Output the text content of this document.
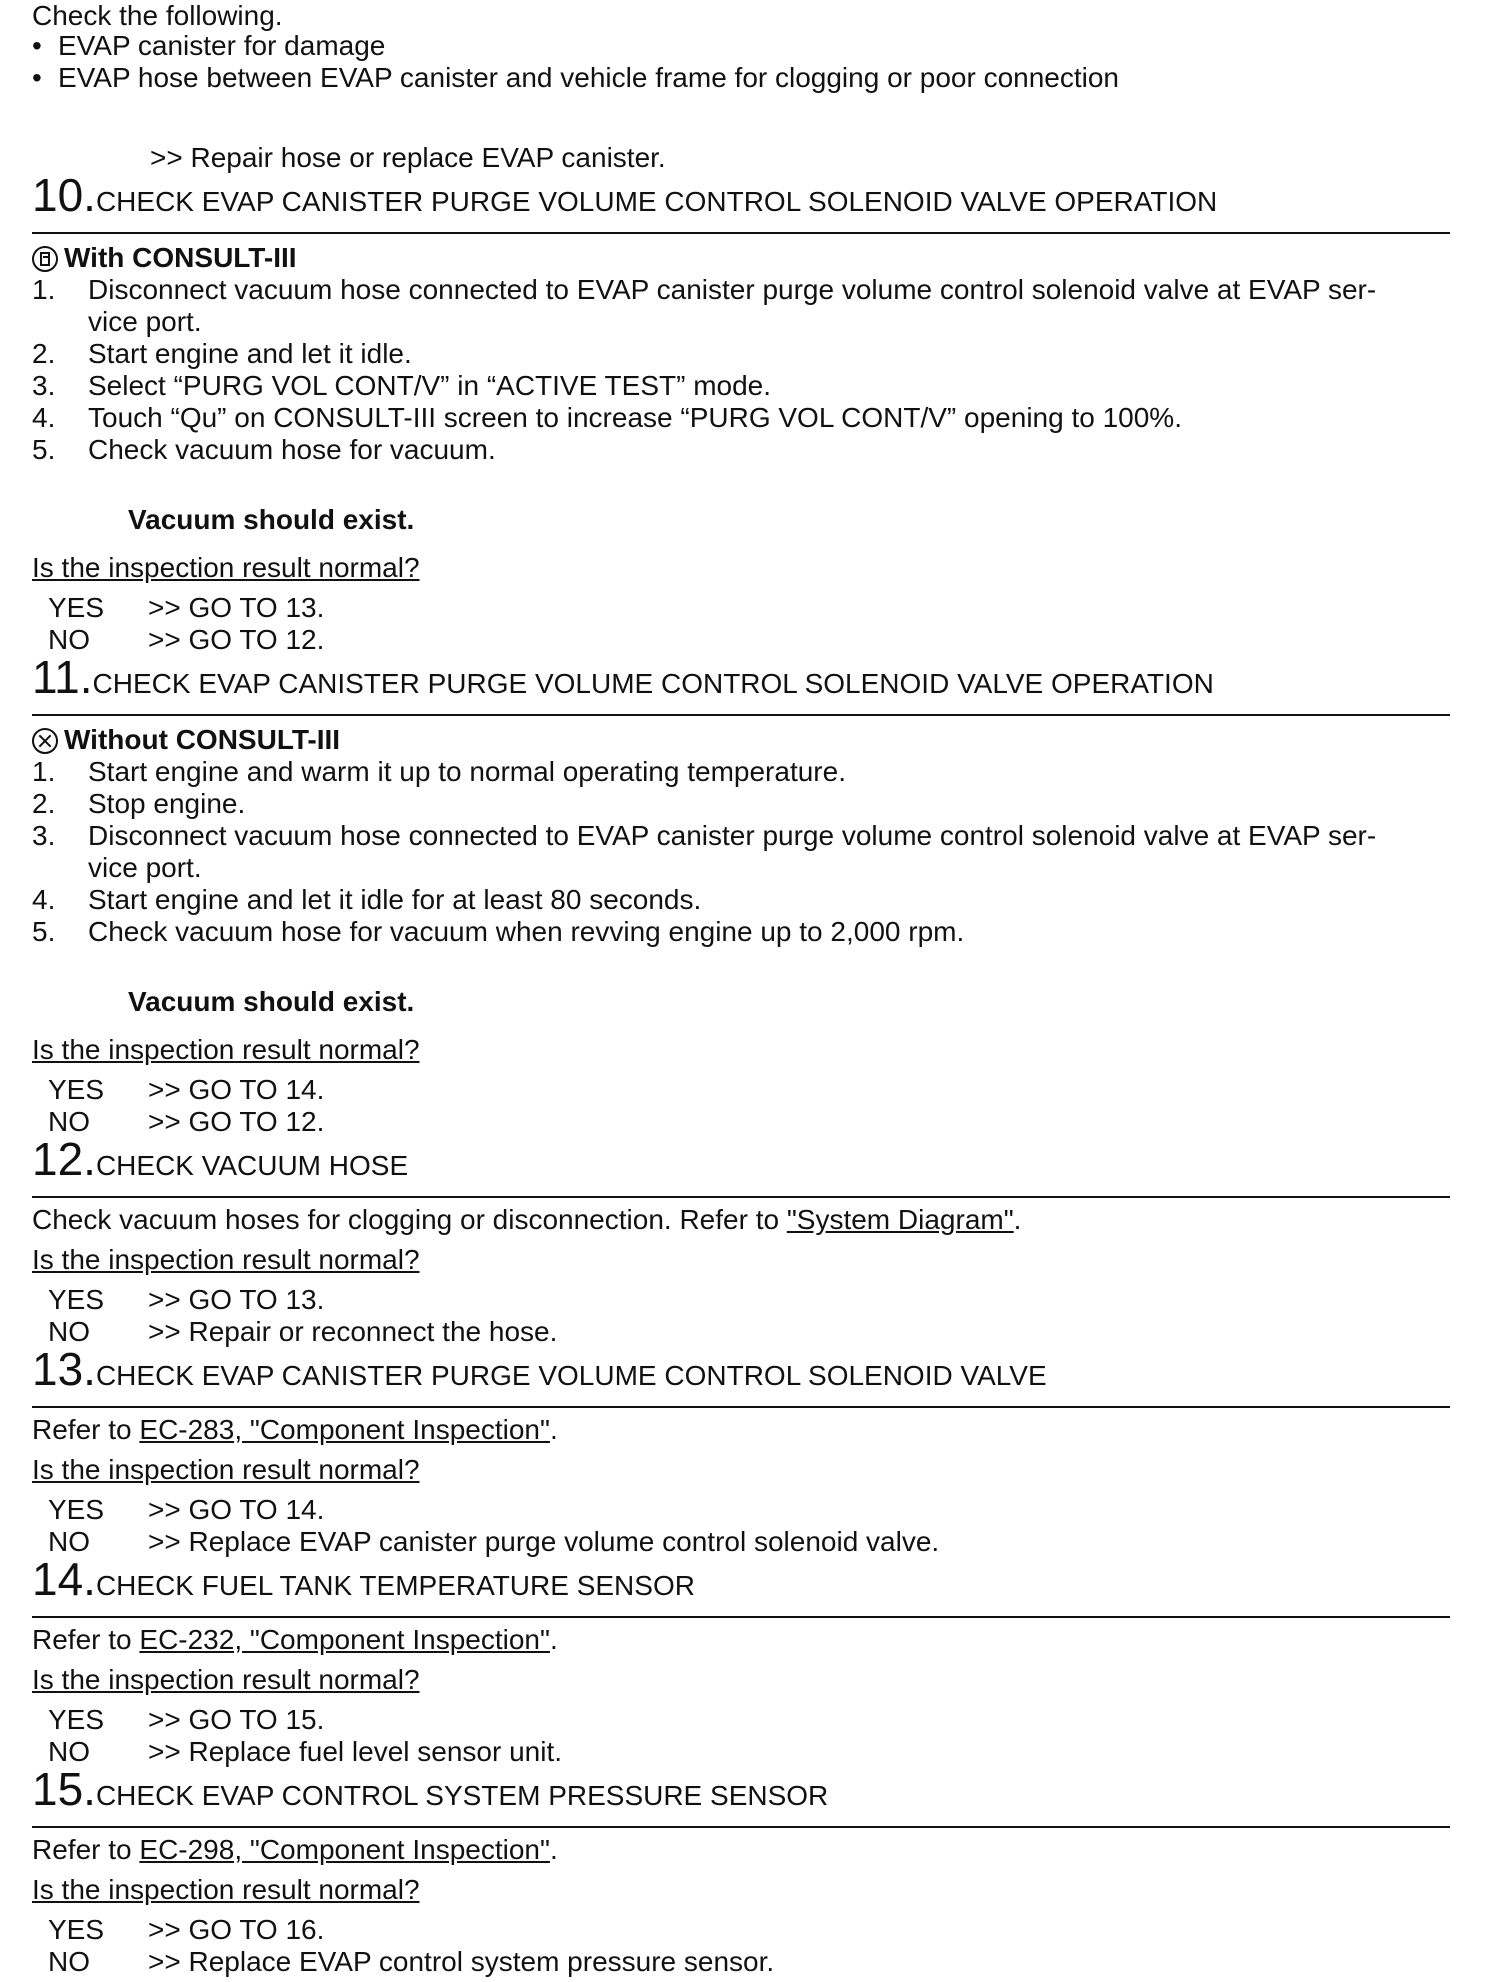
Check the following.
• EVAP canister for damage
• EVAP hose between EVAP canister and vehicle frame for clogging or poor connection
>> Repair hose or replace EVAP canister.
10.CHECK EVAP CANISTER PURGE VOLUME CONTROL SOLENOID VALVE OPERATION
With CONSULT-III
1.	Disconnect vacuum hose connected to EVAP canister purge volume control solenoid valve at EVAP ser-
vice port.
2.	Start engine and let it idle.
3.	Select “PURG VOL CONT/V” in “ACTIVE TEST” mode.
4.	Touch “Qu” on CONSULT-III screen to increase “PURG VOL CONT/V” opening to 100%.
5.	Check vacuum hose for vacuum.
Vacuum should exist.
Is the inspection result normal?
YES >> GO TO 13.
NO >> GO TO 12.
11.CHECK EVAP CANISTER PURGE VOLUME CONTROL SOLENOID VALVE OPERATION
Without CONSULT-III
1.	Start engine and warm it up to normal operating temperature.
2.	Stop engine.
3.	Disconnect vacuum hose connected to EVAP canister purge volume control solenoid valve at EVAP ser-
vice port.
4.	Start engine and let it idle for at least 80 seconds.
5.	Check vacuum hose for vacuum when revving engine up to 2,000 rpm.
Vacuum should exist.
Is the inspection result normal?
YES >> GO TO 14.
NO >> GO TO 12.
12.CHECK VACUUM HOSE
Check vacuum hoses for clogging or disconnection. Refer to "System Diagram".
Is the inspection result normal?
YES >> GO TO 13.
NO >> Repair or reconnect the hose.
13.CHECK EVAP CANISTER PURGE VOLUME CONTROL SOLENOID VALVE
Refer to EC-283, "Component Inspection".
Is the inspection result normal?
YES >> GO TO 14.
NO >> Replace EVAP canister purge volume control solenoid valve.
14.CHECK FUEL TANK TEMPERATURE SENSOR
Refer to EC-232, "Component Inspection".
Is the inspection result normal?
YES >> GO TO 15.
NO >> Replace fuel level sensor unit.
15.CHECK EVAP CONTROL SYSTEM PRESSURE SENSOR
Refer to EC-298, "Component Inspection".
Is the inspection result normal?
YES >> GO TO 16.
NO >> Replace EVAP control system pressure sensor.
